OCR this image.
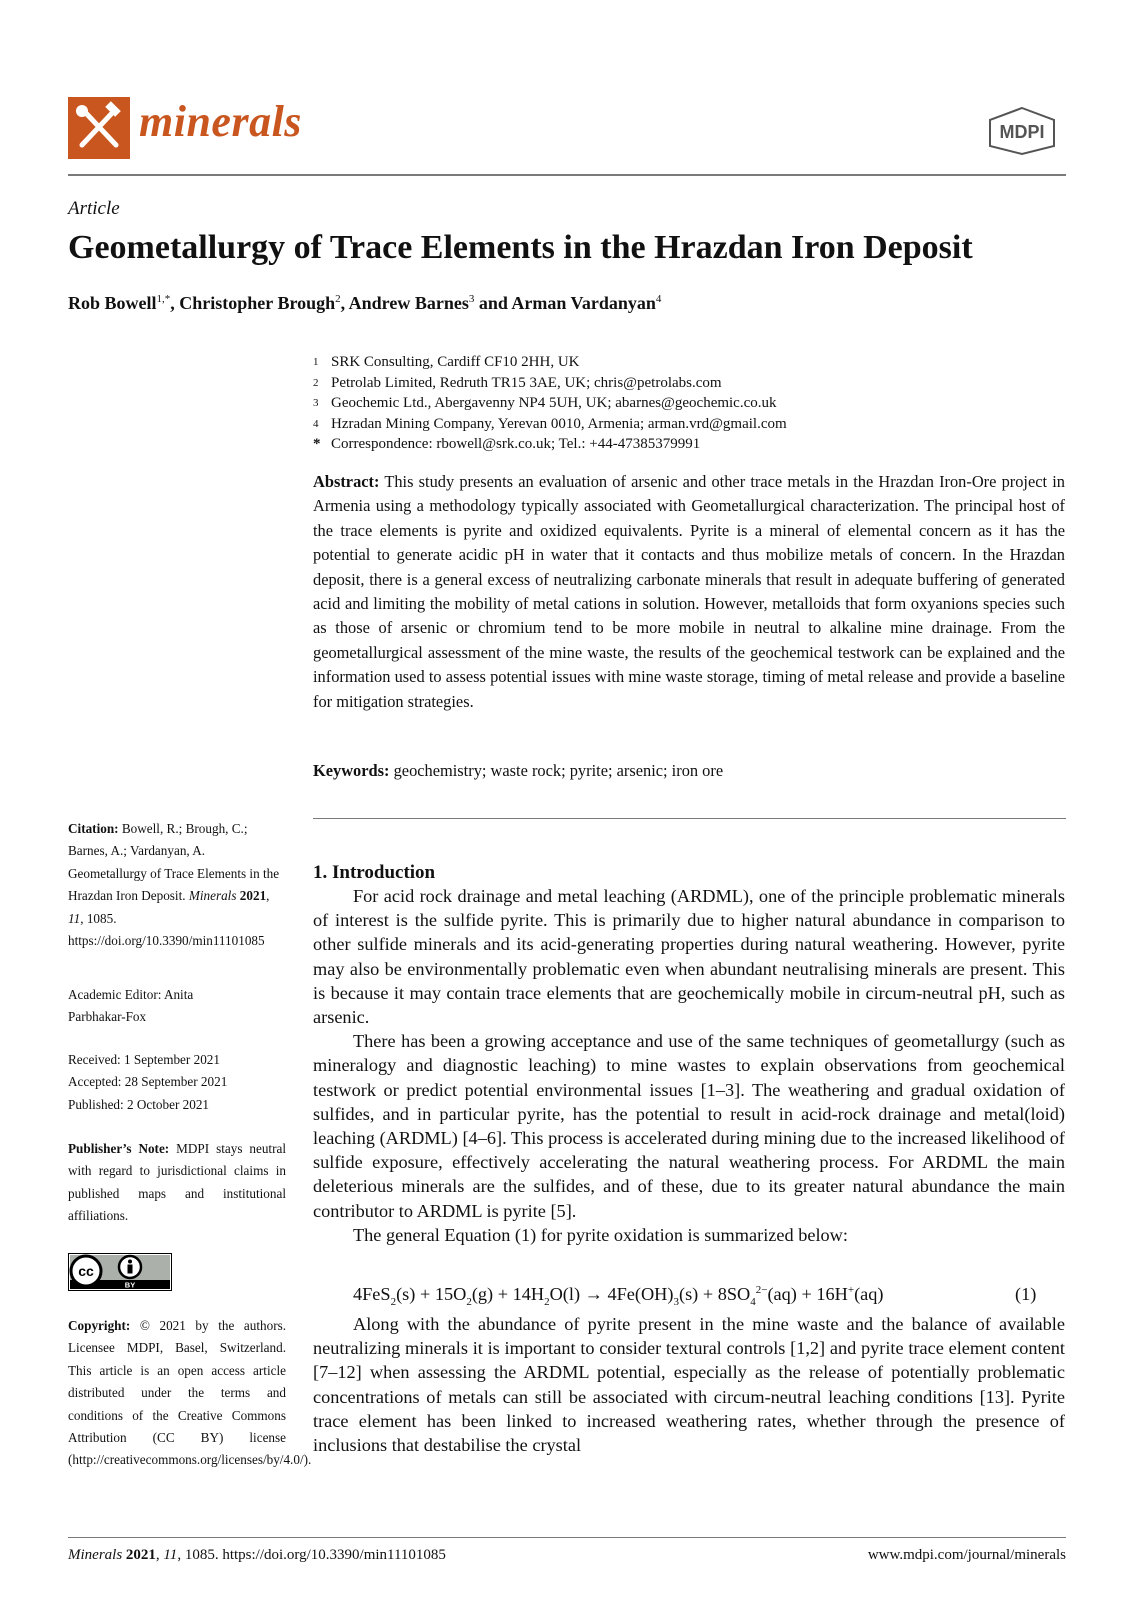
minerals	MDPI
Article
Geometallurgy of Trace Elements in the Hrazdan Iron Deposit
Rob Bowell$^{1,*}$, Christopher Brough$^2$, Andrew Barnes$^3$ and Arman Vardanyan$^4$
1 SRK Consulting, Cardiff CF10 2HH, UK
2 Petrolab Limited, Redruth TR15 3AE, UK; chris@petrolabs.com
3 Geochemic Ltd., Abergavenny NP4 5UH, UK; abarnes@geochemic.co.uk
4 Hzradan Mining Company, Yerevan 0010, Armenia; arman.vrd@gmail.com
* Correspondence: rbowell@srk.co.uk; Tel.: +44-47385379991
Abstract: This study presents an evaluation of arsenic and other trace metals in the Hrazdan Iron-Ore project in Armenia using a methodology typically associated with Geometallurgical characterization. The principal host of the trace elements is pyrite and oxidized equivalents. Pyrite is a mineral of elemental concern as it has the potential to generate acidic pH in water that it contacts and thus mobilize metals of concern. In the Hrazdan deposit, there is a general excess of neutralizing carbonate minerals that result in adequate buffering of generated acid and limiting the mobility of metal cations in solution. However, metalloids that form oxyanions species such as those of arsenic or chromium tend to be more mobile in neutral to alkaline mine drainage. From the geometallurgical assessment of the mine waste, the results of the geochemical testwork can be explained and the information used to assess potential issues with mine waste storage, timing of metal release and provide a baseline for mitigation strategies.
Keywords: geochemistry; waste rock; pyrite; arsenic; iron ore
Citation: Bowell, R.; Brough, C.; Barnes, A.; Vardanyan, A. Geometallurgy of Trace Elements in the Hrazdan Iron Deposit. Minerals 2021, 11, 1085. https://doi.org/10.3390/min11101085
Academic Editor: Anita
Parbhakar-Fox
Received: 1 September 2021
Accepted: 28 September 2021
Published: 2 October 2021
Publisher’s Note: MDPI stays neutral with regard to jurisdictional claims in published maps and institutional affiliations.
cc
BY
Copyright: © 2021 by the authors. Licensee MDPI, Basel, Switzerland. This article is an open access article distributed under the terms and conditions of the Creative Commons Attribution (CC BY) license (http://creativecommons.org/licenses/by/4.0/).
1. Introduction

For acid rock drainage and metal leaching (ARDML), one of the principle problematic minerals of interest is the sulfide pyrite. This is primarily due to higher natural abundance in comparison to other sulfide minerals and its acid-generating properties during natural weathering. However, pyrite may also be environmentally problematic even when abundant neutralising minerals are present. This is because it may contain trace elements that are geochemically mobile in circum-neutral pH, such as arsenic.

There has been a growing acceptance and use of the same techniques of geometallurgy (such as mineralogy and diagnostic leaching) to mine wastes to explain observations from geochemical testwork or predict potential environmental issues [1–3]. The weathering and gradual oxidation of sulfides, and in particular pyrite, has the potential to result in acid-rock drainage and metal(loid) leaching (ARDML) [4–6]. This process is accelerated during mining due to the increased likelihood of sulfide exposure, effectively accelerating the natural weathering process. For ARDML the main deleterious minerals are the sulfides, and of these, due to its greater natural abundance the main contributor to ARDML is pyrite [5].

The general Equation (1) for pyrite oxidation is summarized below:

$4FeS_2(s) + 15O_2(g) + 14H_2O(l) \to 4Fe(OH)_3(s) + 8SO_4^{2-}(aq) + 16H^+(aq)$	(1)

Along with the abundance of pyrite present in the mine waste and the balance of available neutralizing minerals it is important to consider textural controls [1,2] and pyrite trace element content [7–12] when assessing the ARDML potential, especially as the release of potentially problematic concentrations of metals can still be associated with circum-neutral leaching conditions [13]. Pyrite trace element has been linked to increased weathering rates, whether through the presence of inclusions that destabilise the crystal

Minerals 2021, 11, 1085. https://doi.org/10.3390/min11101085	www.mdpi.com/journal/minerals
